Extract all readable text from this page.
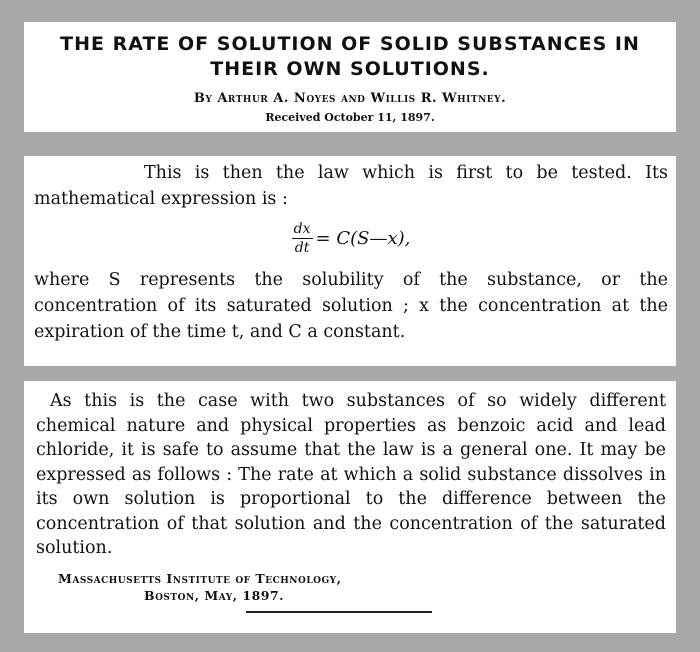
THE RATE OF SOLUTION OF SOLID SUBSTANCES IN
THEIR OWN SOLUTIONS.
By Arthur A. Noyes and Willis R. Whitney.
Received October 11, 1897.

This is then the law which is first to be tested. Its mathematical expression is :

$\frac{dx}{dt}$ = C(S—x),

where S represents the solubility of the substance, or the concentration of its saturated solution ; x the concentration at the expiration of the time t, and C a constant.

As this is the case with two substances of so widely different chemical nature and physical properties as benzoic acid and lead chloride, it is safe to assume that the law is a general one. It may be expressed as follows : The rate at which a solid substance dissolves in its own solution is proportional to the difference between the concentration of that solution and the concentration of the saturated solution.

Massachusetts Institute of Technology,
Boston, May, 1897.
